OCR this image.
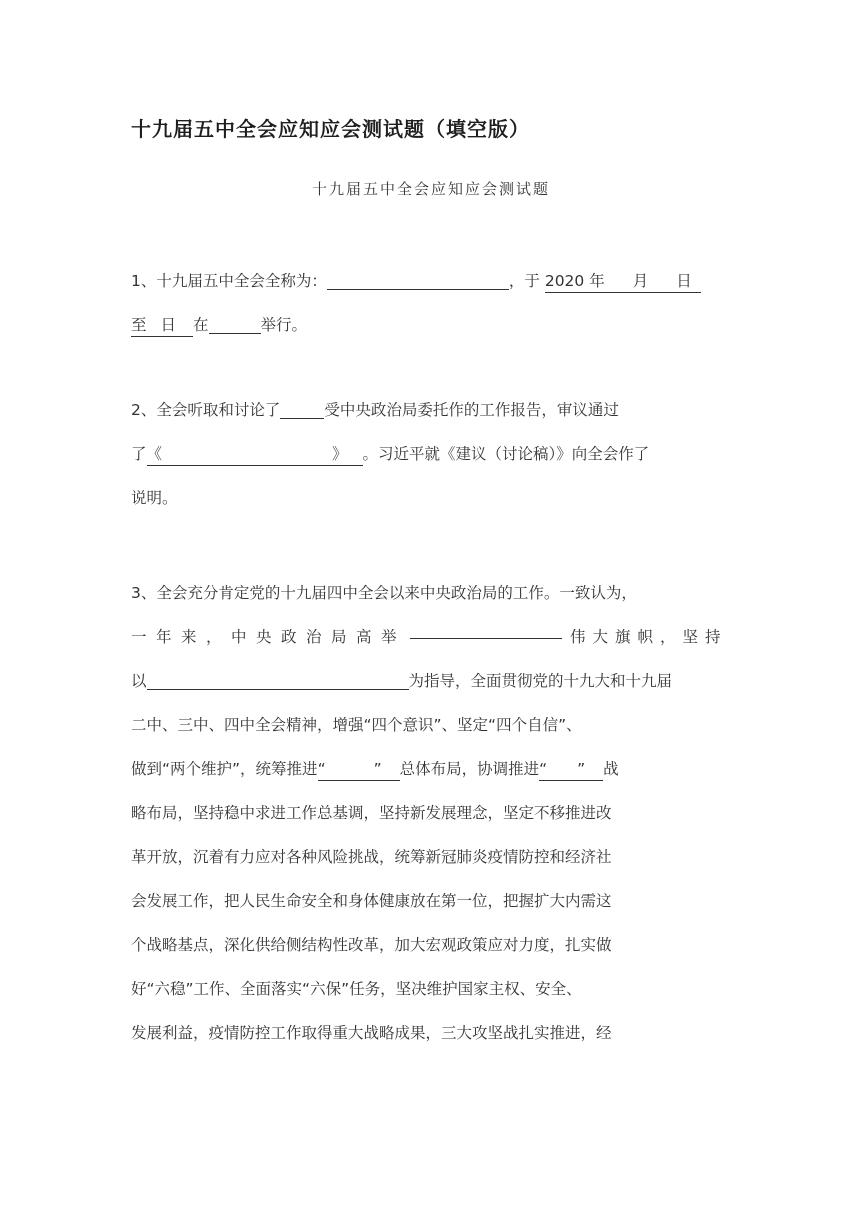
十九届五中全会应知应会测试题（填空版）
十九届五中全会应知应会测试题
1、十九届五中全会全称为：	，于 2020 年 月 日
至 日 在	举行。
2、全会听取和讨论了	受中央政治局委托作的工作报告，审议通过
了《	》 。习近平就《建议（讨论稿）》向全会作了
说明。
3、全会充分肯定党的十九届四中全会以来中央政治局的工作。一致认为，
一年来，中央政治局高举	伟大旗帜，坚持
以	为指导，全面贯彻党的十九大和十九届
二中、三中、四中全会精神，增强“四个意识”、坚定“四个自信”、
做到“两个维护”，统筹推进“	” 总体布局，协调推进“ ” 战
略布局，坚持稳中求进工作总基调，坚持新发展理念，坚定不移推进改
革开放，沉着有力应对各种风险挑战，统筹新冠肺炎疫情防控和经济社
会发展工作，把人民生命安全和身体健康放在第一位，把握扩大内需这
个战略基点，深化供给侧结构性改革，加大宏观政策应对力度，扎实做
好“六稳”工作、全面落实“六保”任务，坚决维护国家主权、安全、
发展利益，疫情防控工作取得重大战略成果，三大攻坚战扎实推进，经
